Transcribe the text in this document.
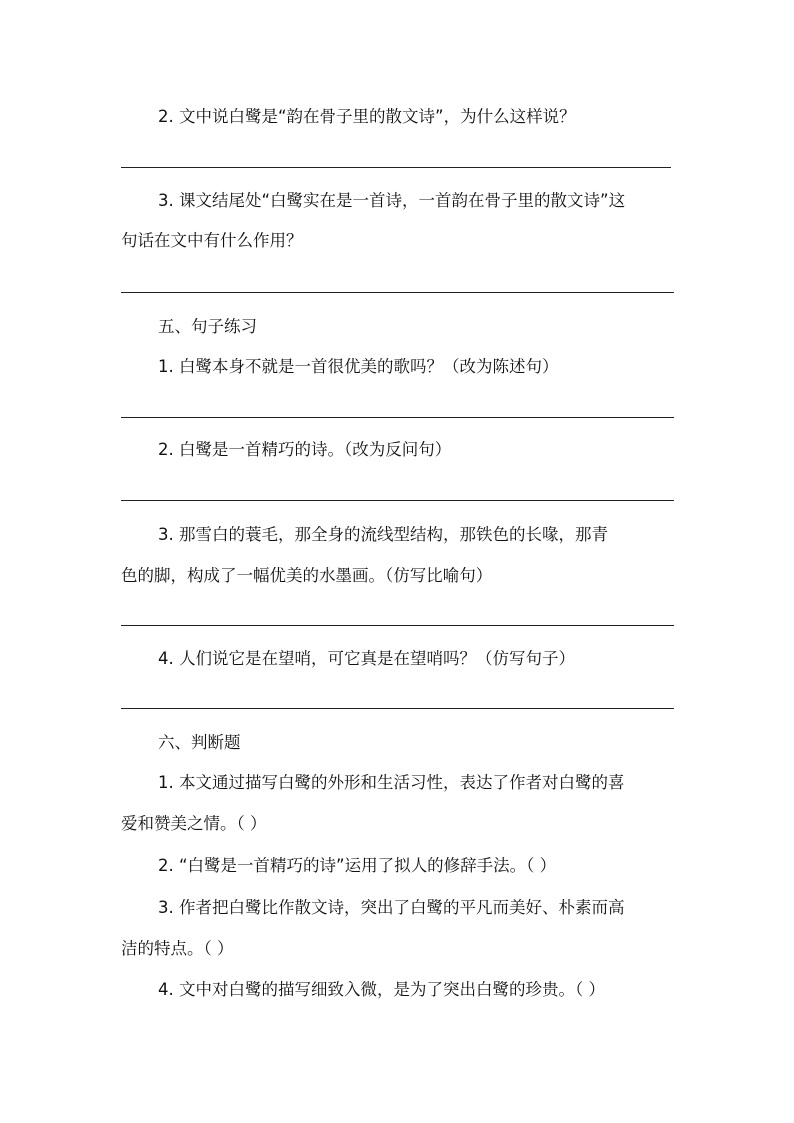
2. 文中说白鹭是“韵在骨子里的散文诗”，为什么这样说？
3. 课文结尾处“白鹭实在是一首诗，一首韵在骨子里的散文诗”这
句话在文中有什么作用？
五、句子练习
1. 白鹭本身不就是一首很优美的歌吗？（改为陈述句）
2. 白鹭是一首精巧的诗。（改为反问句）
3. 那雪白的蓑毛，那全身的流线型结构，那铁色的长喙，那青
色的脚，构成了一幅优美的水墨画。（仿写比喻句）
4. 人们说它是在望哨，可它真是在望哨吗？（仿写句子）
六、判断题
1. 本文通过描写白鹭的外形和生活习性，表达了作者对白鹭的喜
爱和赞美之情。（ ）
2. “白鹭是一首精巧的诗”运用了拟人的修辞手法。（ ）
3. 作者把白鹭比作散文诗，突出了白鹭的平凡而美好、朴素而高
洁的特点。（ ）
4. 文中对白鹭的描写细致入微，是为了突出白鹭的珍贵。（ ）
